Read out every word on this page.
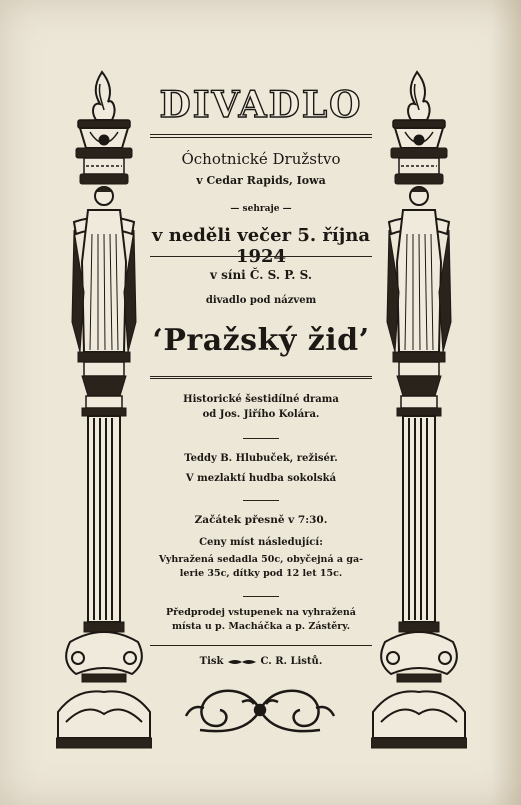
DIVADLO
Óchotnické Družstvo
v Cedar Rapids, Iowa
— sehraje —
v neděli večer 5. října 1924
v síni Č. S. P. S.
divadlo pod názvem
‘Pražský žid’
Historické šestidílné drama
od Jos. Jiřího Kolára.
Teddy B. Hlubuček, režisér.
V mezlaktí hudba sokolská
Začátek přesně v 7:30.
Ceny míst následující:
Vyhražená sedadla 50c, obyčejná a ga-
lerie 35c, dítky pod 12 let 15c.
Předprodej vstupenek na vyhražená
místa u p. Macháčka a p. Zástěry.
Tisk	C. R. Listů.
